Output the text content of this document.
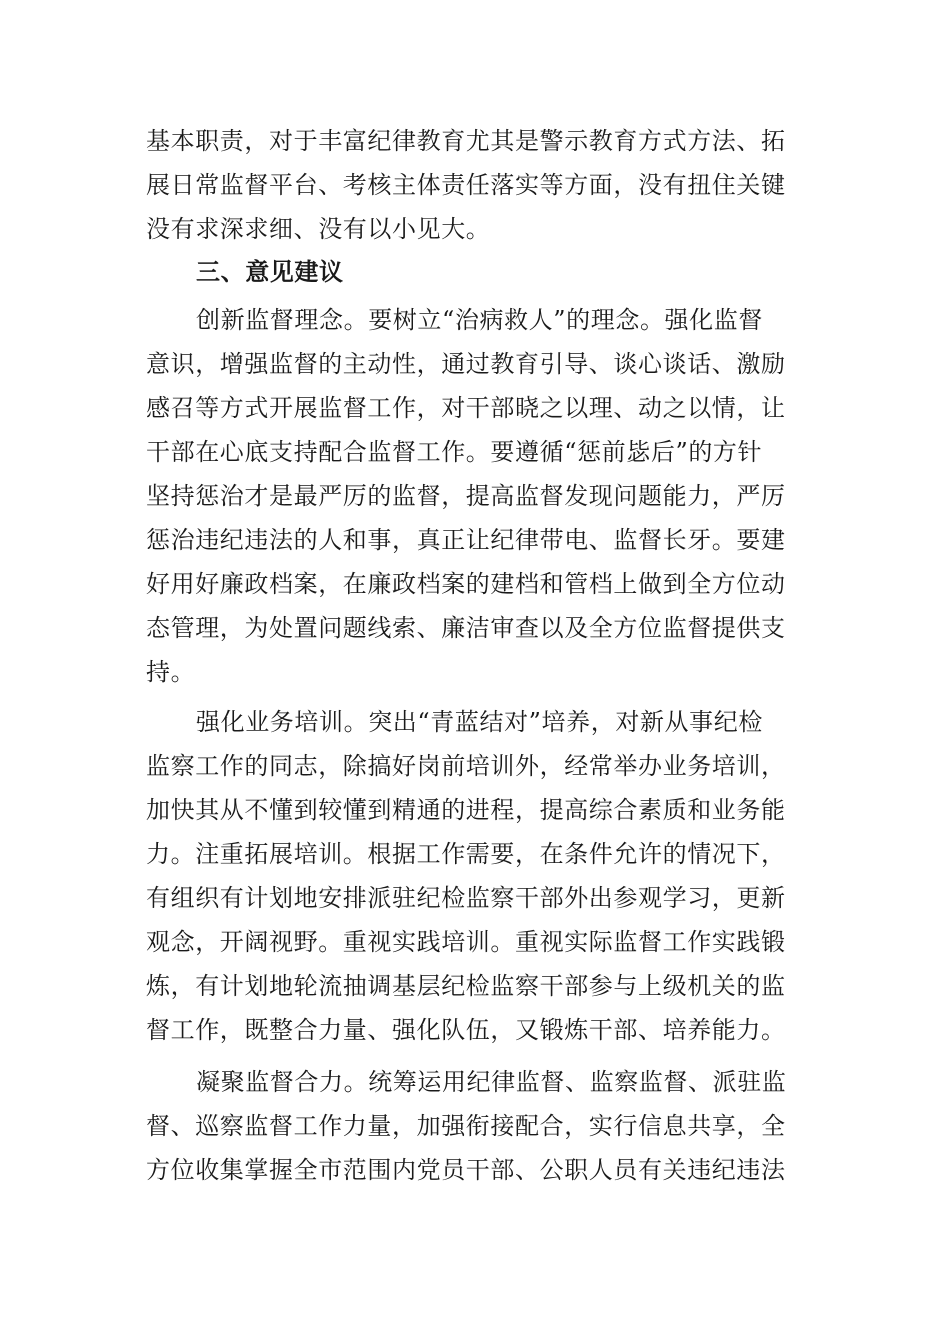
基本职责，对于丰富纪律教育尤其是警示教育方式方法、拓
展日常监督平台、考核主体责任落实等方面，没有扭住关键
没有求深求细、没有以小见大。
三、意见建议
创新监督理念。要树立“治病救人”的理念。强化监督
意识，增强监督的主动性，通过教育引导、谈心谈话、激励
感召等方式开展监督工作，对干部晓之以理、动之以情，让
干部在心底支持配合监督工作。要遵循“惩前毖后”的方针
坚持惩治才是最严厉的监督，提高监督发现问题能力，严厉
惩治违纪违法的人和事，真正让纪律带电、监督长牙。要建
好用好廉政档案，在廉政档案的建档和管档上做到全方位动
态管理，为处置问题线索、廉洁审查以及全方位监督提供支
持。
强化业务培训。突出“青蓝结对”培养，对新从事纪检
监察工作的同志，除搞好岗前培训外，经常举办业务培训，
加快其从不懂到较懂到精通的进程，提高综合素质和业务能
力。注重拓展培训。根据工作需要，在条件允许的情况下，
有组织有计划地安排派驻纪检监察干部外出参观学习，更新
观念，开阔视野。重视实践培训。重视实际监督工作实践锻
炼，有计划地轮流抽调基层纪检监察干部参与上级机关的监
督工作，既整合力量、强化队伍，又锻炼干部、培养能力。
凝聚监督合力。统筹运用纪律监督、监察监督、派驻监
督、巡察监督工作力量，加强衔接配合，实行信息共享，全
方位收集掌握全市范围内党员干部、公职人员有关违纪违法
